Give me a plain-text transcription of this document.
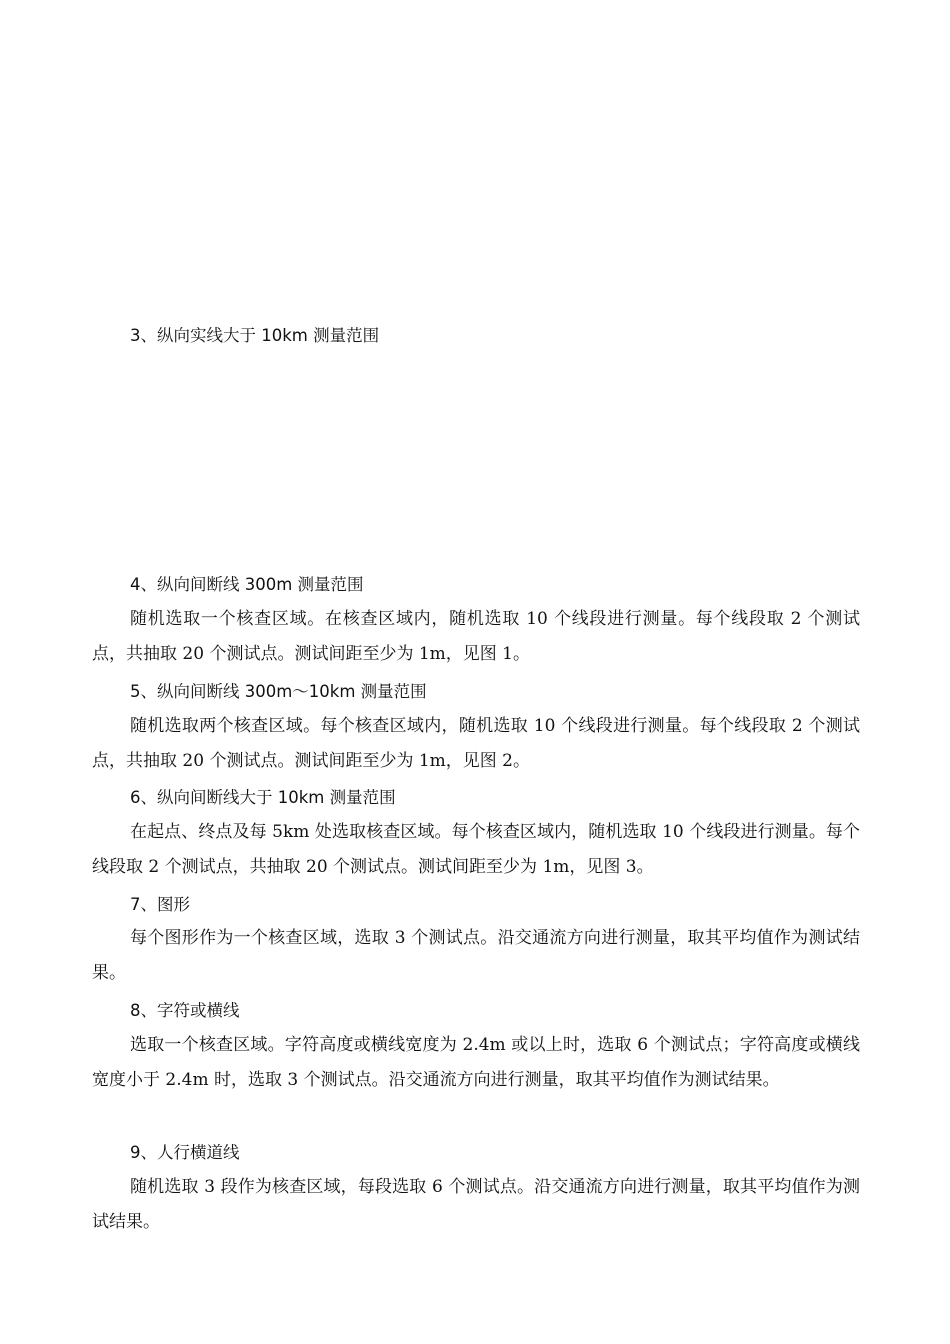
3、纵向实线大于 10km 测量范围
4、纵向间断线 300m 测量范围
随机选取一个核查区域。在核查区域内，随机选取 10 个线段进行测量。每个线段取 2 个测试点，共抽取 20 个测试点。测试间距至少为 1m，见图 1。
5、纵向间断线 300m～10km 测量范围
随机选取两个核查区域。每个核查区域内，随机选取 10 个线段进行测量。每个线段取 2 个测试点，共抽取 20 个测试点。测试间距至少为 1m，见图 2。
6、纵向间断线大于 10km 测量范围
在起点、终点及每 5km 处选取核查区域。每个核查区域内，随机选取 10 个线段进行测量。每个线段取 2 个测试点，共抽取 20 个测试点。测试间距至少为 1m，见图 3。
7、图形
每个图形作为一个核查区域，选取 3 个测试点。沿交通流方向进行测量，取其平均值作为测试结果。
8、字符或横线
选取一个核查区域。字符高度或横线宽度为 2.4m 或以上时，选取 6 个测试点；字符高度或横线宽度小于 2.4m 时，选取 3 个测试点。沿交通流方向进行测量，取其平均值作为测试结果。
9、人行横道线
随机选取 3 段作为核查区域，每段选取 6 个测试点。沿交通流方向进行测量，取其平均值作为测试结果。
